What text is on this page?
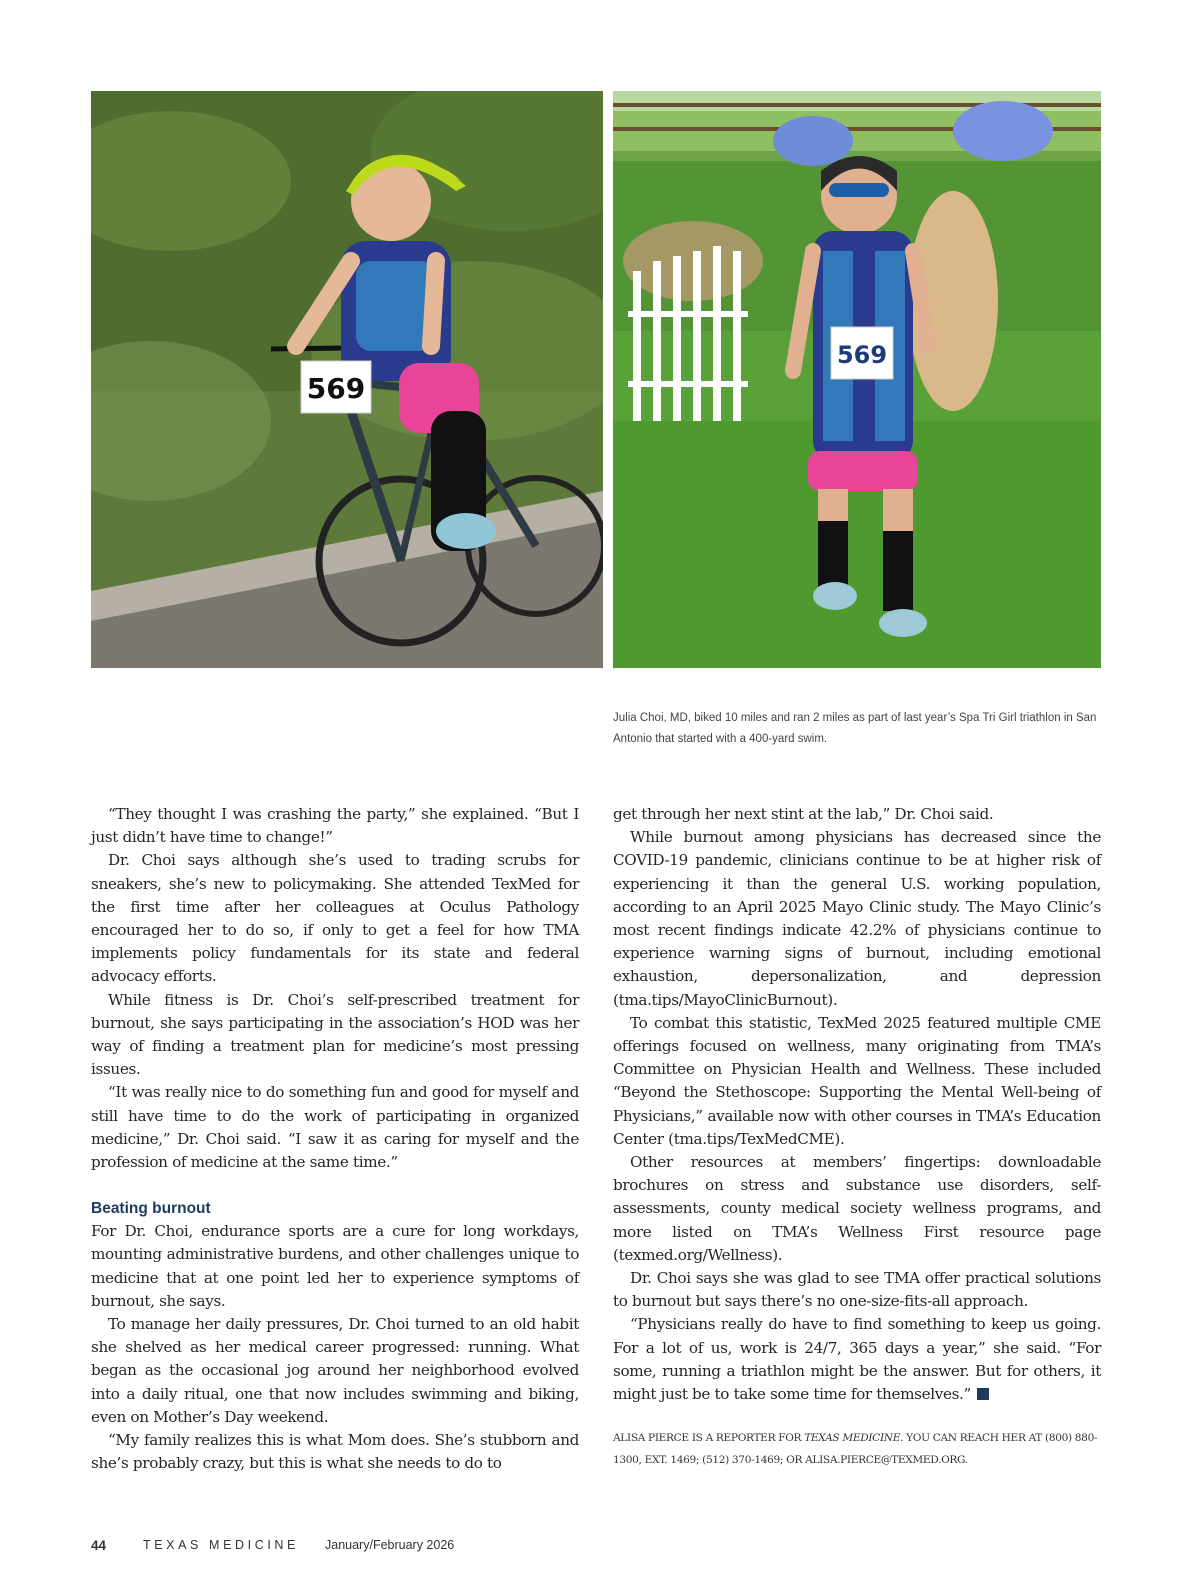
569
569
Julia Choi, MD, biked 10 miles and ran 2 miles as part of last year’s Spa Tri Girl triathlon in San Antonio that started with a 400-yard swim.

“They thought I was crashing the party,” she explained. “But I just didn’t have time to change!”

Dr. Choi says although she’s used to trading scrubs for sneakers, she’s new to policymaking. She attended TexMed for the first time after her colleagues at Oculus Pathology encouraged her to do so, if only to get a feel for how TMA implements policy fundamentals for its state and federal advocacy efforts.

While fitness is Dr. Choi’s self-prescribed treatment for burnout, she says participating in the association’s HOD was her way of finding a treatment plan for medicine’s most pressing issues.

“It was really nice to do something fun and good for myself and still have time to do the work of participating in organized medicine,” Dr. Choi said. “I saw it as caring for myself and the profession of medicine at the same time.”

Beating burnout

For Dr. Choi, endurance sports are a cure for long workdays, mounting administrative burdens, and other challenges unique to medicine that at one point led her to experience symptoms of burnout, she says.

To manage her daily pressures, Dr. Choi turned to an old habit she shelved as her medical career progressed: running. What began as the occasional jog around her neighborhood evolved into a daily ritual, one that now includes swimming and biking, even on Mother’s Day weekend.

“My family realizes this is what Mom does. She’s stubborn and she’s probably crazy, but this is what she needs to do to

get through her next stint at the lab,” Dr. Choi said.

While burnout among physicians has decreased since the COVID-19 pandemic, clinicians continue to be at higher risk of experiencing it than the general U.S. working population, according to an April 2025 Mayo Clinic study. The Mayo Clinic’s most recent findings indicate 42.2% of physicians continue to experience warning signs of burnout, including emotional exhaustion, depersonalization, and depression (tma.tips/MayoClinicBurnout).

To combat this statistic, TexMed 2025 featured multiple CME offerings focused on wellness, many originating from TMA’s Committee on Physician Health and Wellness. These included “Beyond the Stethoscope: Supporting the Mental Well-being of Physicians,” available now with other courses in TMA’s Education Center (tma.tips/TexMedCME).

Other resources at members’ fingertips: downloadable brochures on stress and substance use disorders, self-assessments, county medical society wellness programs, and more listed on TMA’s Wellness First resource page (texmed.org/Wellness).

Dr. Choi says she was glad to see TMA offer practical solutions to burnout but says there’s no one-size-fits-all approach.

“Physicians really do have to find something to keep us going. For a lot of us, work is 24/7, 365 days a year,” she said. “For some, running a triathlon might be the answer. But for others, it might just be to take some time for themselves.”

ALISA PIERCE IS A REPORTER FOR TEXAS MEDICINE. YOU CAN REACH HER AT (800) 880-1300, EXT. 1469; (512) 370-1469; OR ALISA.PIERCE@TEXMED.ORG.

44	TEXAS MEDICINE January/February 2026
